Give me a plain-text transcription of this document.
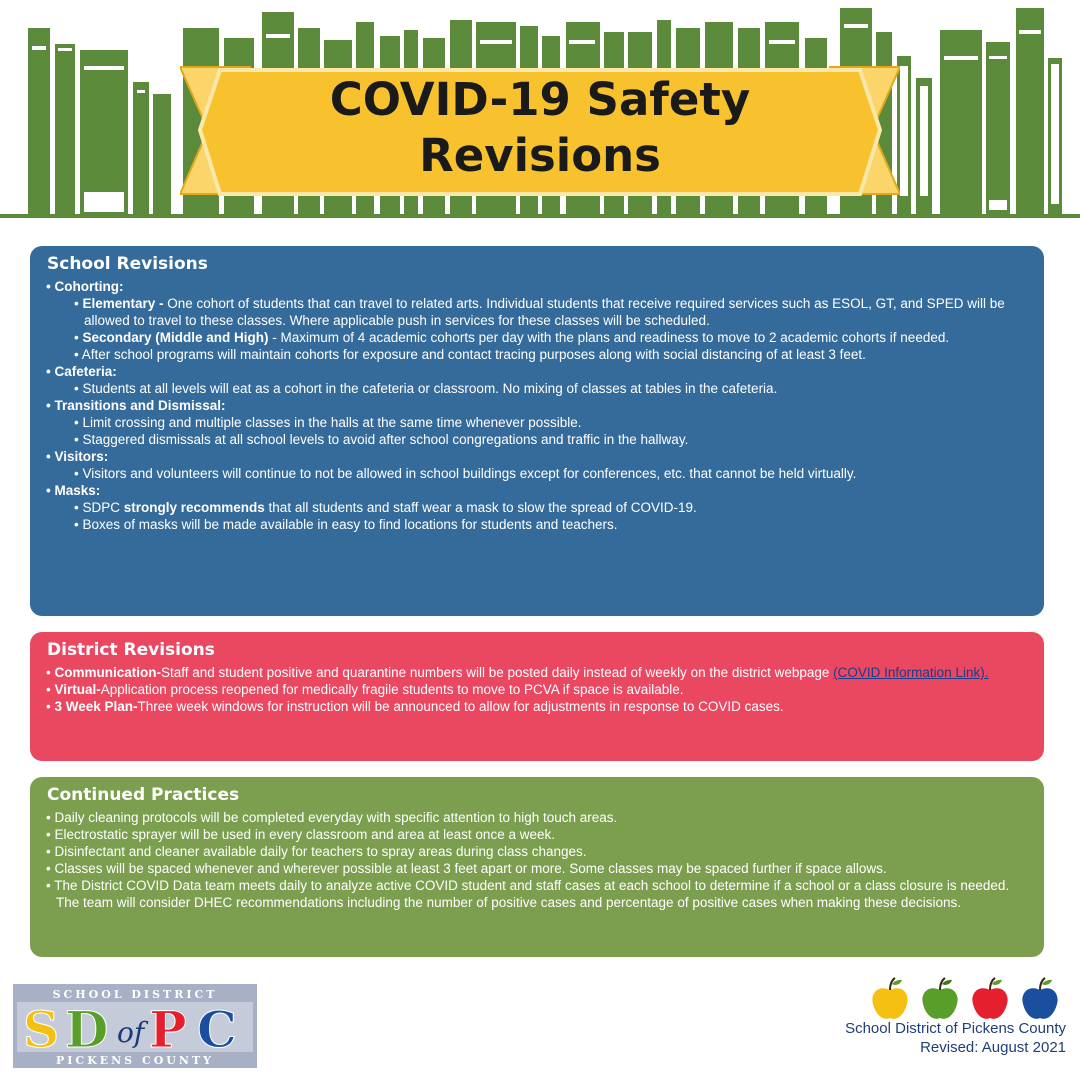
COVID-19 Safety
Revisions
School Revisions
• Cohorting:
• Elementary - One cohort of students that can travel to related arts. Individual students that receive required services such as ESOL, GT, and SPED will be allowed to travel to these classes. Where applicable push in services for these classes will be scheduled.
• Secondary (Middle and High) - Maximum of 4 academic cohorts per day with the plans and readiness to move to 2 academic cohorts if needed.
• After school programs will maintain cohorts for exposure and contact tracing purposes along with social distancing of at least 3 feet.
• Cafeteria:
• Students at all levels will eat as a cohort in the cafeteria or classroom. No mixing of classes at tables in the cafeteria.
• Transitions and Dismissal:
• Limit crossing and multiple classes in the halls at the same time whenever possible.
• Staggered dismissals at all school levels to avoid after school congregations and traffic in the hallway.
• Visitors:
• Visitors and volunteers will continue to not be allowed in school buildings except for conferences, etc. that cannot be held virtually.
• Masks:
• SDPC strongly recommends that all students and staff wear a mask to slow the spread of COVID-19.
• Boxes of masks will be made available in easy to find locations for students and teachers.
District Revisions
• Communication-Staff and student positive and quarantine numbers will be posted daily instead of weekly on the district webpage (COVID Information Link).
• Virtual-Application process reopened for medically fragile students to move to PCVA if space is available.
• 3 Week Plan-Three week windows for instruction will be announced to allow for adjustments in response to COVID cases.
Continued Practices
• Daily cleaning protocols will be completed everyday with specific attention to high touch areas.
• Electrostatic sprayer will be used in every classroom and area at least once a week.
• Disinfectant and cleaner available daily for teachers to spray areas during class changes.
• Classes will be spaced whenever and wherever possible at least 3 feet apart or more. Some classes may be spaced further if space allows.
• The District COVID Data team meets daily to analyze active COVID student and staff cases at each school to determine if a school or a class closure is needed. The team will consider DHEC recommendations including the number of positive cases and percentage of positive cases when making these decisions.
SCHOOL DISTRICT
S D of P C
PICKENS COUNTY
School District of Pickens County
Revised: August 2021
